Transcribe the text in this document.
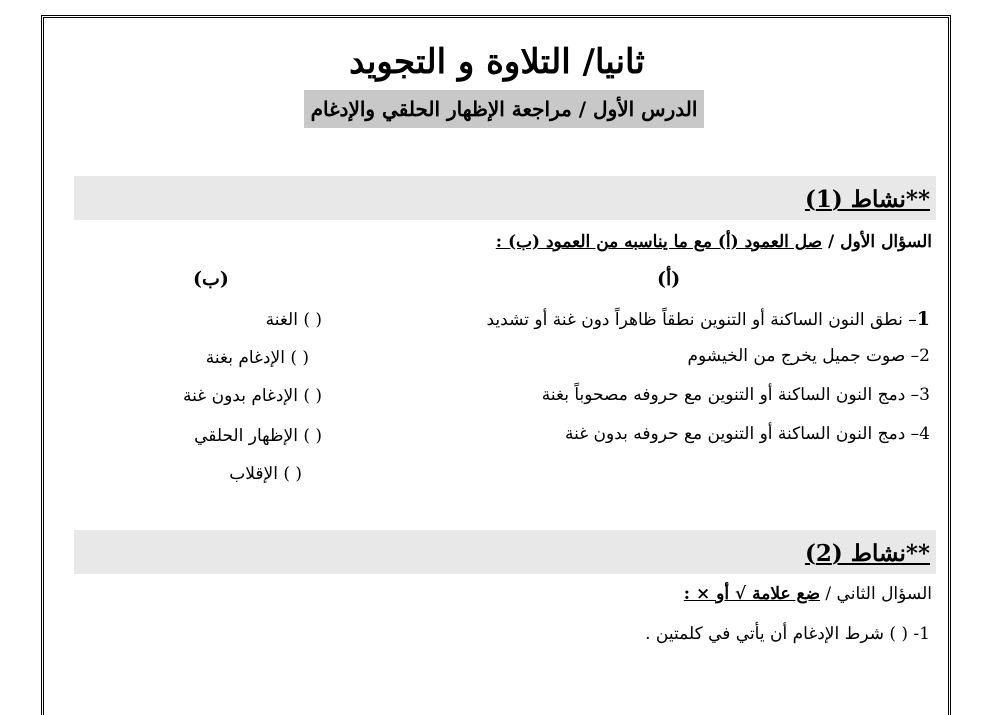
ثانيا/ التلاوة و التجويد
الدرس الأول / مراجعة الإظهار الحلقي والإدغام
**نشاط (1)
السؤال الأول / صل العمود (أ) مع ما يناسبه من العمود (ب) :
(أ)
(ب)
1– نطق النون الساكنة أو التنوين نطقاً ظاهراً دون غنة أو تشديد
2– صوت جميل يخرج من الخيشوم
3– دمج النون الساكنة أو التنوين مع حروفه مصحوباً بغنة
4– دمج النون الساكنة أو التنوين مع حروفه بدون غنة
( ) الغنة
( ) الإدغام بغنة
( ) الإدغام بدون غنة
( ) الإظهار الحلقي
( ) الإقلاب
**نشاط (2)
السؤال الثاني / ضع علامة √ أو × :
1- ( ) شرط الإدغام أن يأتي في كلمتين .
